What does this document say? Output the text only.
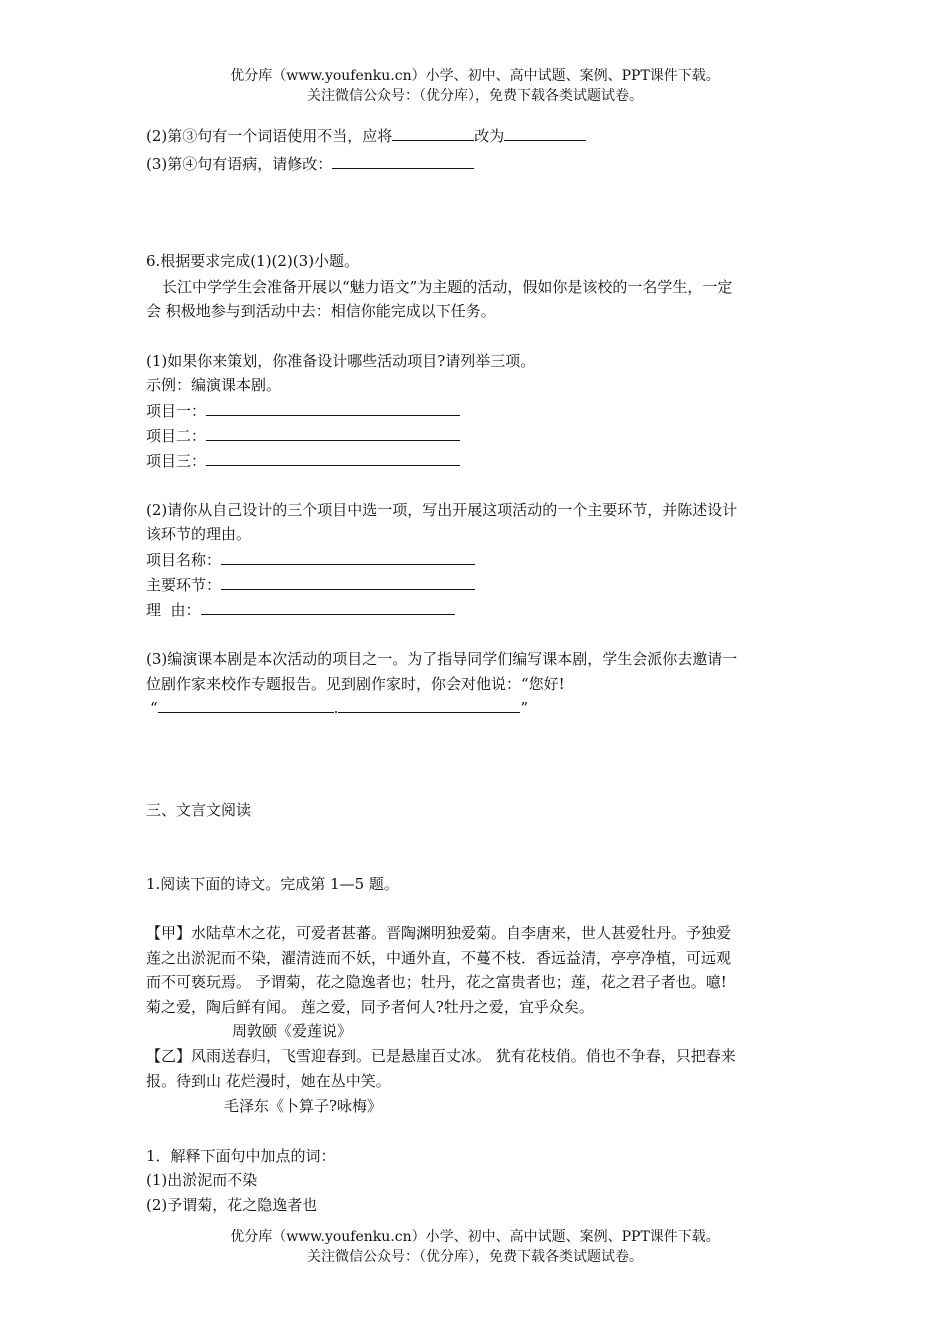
优分库（www.youfenku.cn）小学、初中、高中试题、案例、PPT课件下载。
关注微信公众号：（优分库），免费下载各类试题试卷。
(2)第③句有一个词语使用不当，应将	改为
(3)第④句有语病，请修改：
6.根据要求完成(1)(2)(3)小题。
长江中学学生会准备开展以“魅力语文”为主题的活动，假如你是该校的一名学生，一定
会 积极地参与到活动中去：相信你能完成以下任务。
(1)如果你来策划，你准备设计哪些活动项目?请列举三项。
示例：编演课本剧。
项目一：
项目二：
项目三：
(2)请你从自己设计的三个项目中选一项，写出开展这项活动的一个主要环节，并陈述设计
该环节的理由。
项目名称：
主要环节：
理  由：
(3)编演课本剧是本次活动的项目之一。为了指导同学们编写课本剧，学生会派你去邀请一
位剧作家来校作专题报告。见到剧作家时，你会对他说：“您好!
“	.	”
三、文言文阅读
1.阅读下面的诗文。完成第 1—5 题。
【甲】水陆草木之花，可爱者甚蕃。晋陶渊明独爱菊。自李唐来，世人甚爱牡丹。予独爱
莲之出淤泥而不染，濯清涟而不妖，中通外直，不蔓不枝．香远益清，亭亭净植，可远观
而不可亵玩焉。 予谓菊，花之隐逸者也；牡丹，花之富贵者也；莲，花之君子者也。噫!
菊之爱，陶后鲜有闻。 莲之爱，同予者何人?牡丹之爱，宜乎众矣。
周敦颐《爱莲说》
【乙】风雨送春归，飞雪迎春到。已是悬崖百丈冰。 犹有花枝俏。俏也不争春，只把春来
报。待到山 花烂漫时，她在丛中笑。
毛泽东《卜算子?咏梅》
1．解释下面句中加点的词：
(1)出淤泥而不染
(2)予谓菊，花之隐逸者也
优分库（www.youfenku.cn）小学、初中、高中试题、案例、PPT课件下载。
关注微信公众号：（优分库），免费下载各类试题试卷。
